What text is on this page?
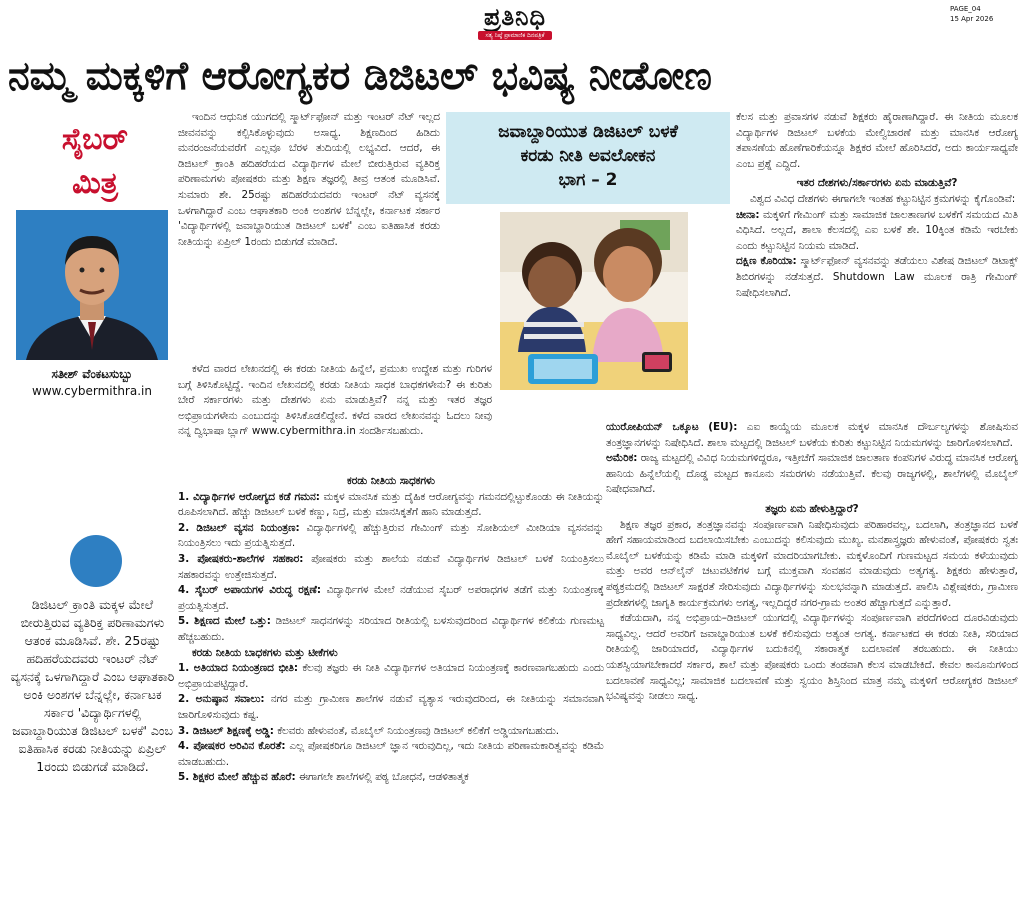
ಪ್ರತಿನಿಧಿ
ಸತ್ಯ ನಿಷ್ಠೆ ಪ್ರಾಮಾಣಿಕ ದಿನಪತ್ರಿಕೆ
PAGE_04
15 Apr 2026
ನಮ್ಮ ಮಕ್ಕಳಿಗೆ ಆರೋಗ್ಯಕರ ಡಿಜಿಟಲ್ ಭವಿಷ್ಯ ನೀಡೋಣ
ಸೈಬರ್
ಮಿತ್ರ
ಸತೀಶ್ ವೆಂಕಟಸುಬ್ಬು
www.cybermithra.in
ಡಿಜಿಟಲ್ ಕ್ರಾಂತಿ ಮಕ್ಕಳ ಮೇಲೆ ಬೀರುತ್ತಿರುವ ವ್ಯತಿರಿಕ್ತ ಪರಿಣಾಮಗಳು ಆತಂಕ ಮೂಡಿಸಿವೆ. ಶೇ. 25ರಷ್ಟು ಹದಿಹರೆಯದವರು ಇಂಟರ್ ನೆಟ್ ವ್ಯಸನಕ್ಕೆ ಒಳಗಾಗಿದ್ದಾರೆ ಎಂಬ ಆಘಾತಕಾರಿ ಅಂಕಿ ಅಂಶಗಳ ಬೆನ್ನಲ್ಲೇ, ಕರ್ನಾಟಕ ಸರ್ಕಾರ 'ವಿದ್ಯಾರ್ಥಿಗಳಲ್ಲಿ ಜವಾಬ್ದಾರಿಯುತ ಡಿಜಿಟಲ್ ಬಳಕೆ' ಎಂಬ ಐತಿಹಾಸಿಕ ಕರಡು ನೀತಿಯನ್ನು ಏಪ್ರಿಲ್ 1ರಂದು ಬಿಡುಗಡೆ ಮಾಡಿದೆ.

ಇಂದಿನ ಆಧುನಿಕ ಯುಗದಲ್ಲಿ ಸ್ಮಾರ್ಟ್‌ಫೋನ್ ಮತ್ತು ಇಂಟರ್ ನೆಟ್ ಇಲ್ಲದ ಜೀವನವನ್ನು ಕಲ್ಪಿಸಿಕೊಳ್ಳುವುದು ಅಸಾಧ್ಯ. ಶಿಕ್ಷಣದಿಂದ ಹಿಡಿದು ಮನರಂಜನೆಯವರೆಗೆ ಎಲ್ಲವೂ ಬೆರಳ ತುದಿಯಲ್ಲಿ ಲಭ್ಯವಿದೆ. ಆದರೆ, ಈ ಡಿಜಿಟಲ್ ಕ್ರಾಂತಿ ಹದಿಹರೆಯದ ವಿದ್ಯಾರ್ಥಿಗಳ ಮೇಲೆ ಬೀರುತ್ತಿರುವ ವ್ಯತಿರಿಕ್ತ ಪರಿಣಾಮಗಳು ಪೋಷಕರು ಮತ್ತು ಶಿಕ್ಷಣ ತಜ್ಞರಲ್ಲಿ ತೀವ್ರ ಆತಂಕ ಮೂಡಿಸಿವೆ. ಸುಮಾರು ಶೇ. 25ರಷ್ಟು ಹದಿಹರೆಯದವರು ಇಂಟರ್ ನೆಟ್ ವ್ಯಸನಕ್ಕೆ ಒಳಗಾಗಿದ್ದಾರೆ ಎಂಬ ಆಘಾತಕಾರಿ ಅಂಕಿ ಅಂಶಗಳ ಬೆನ್ನಲ್ಲೇ, ಕರ್ನಾಟಕ ಸರ್ಕಾರ 'ವಿದ್ಯಾರ್ಥಿಗಳಲ್ಲಿ ಜವಾಬ್ದಾರಿಯುತ ಡಿಜಿಟಲ್ ಬಳಕೆ' ಎಂಬ ಐತಿಹಾಸಿಕ ಕರಡು ನೀತಿಯನ್ನು ಏಪ್ರಿಲ್ 1ರಂದು ಬಿಡುಗಡೆ ಮಾಡಿದೆ.

ಜವಾಬ್ದಾರಿಯುತ ಡಿಜಿಟಲ್ ಬಳಕೆ
ಕರಡು ನೀತಿ ಅವಲೋಕನ
ಭಾಗ – 2

ಕೆಲಸ ಮತ್ತು ಪ್ರವಾಸಗಳ ನಡುವೆ ಶಿಕ್ಷಕರು ಹೈರಾಣಾಗಿದ್ದಾರೆ. ಈ ನೀತಿಯ ಮೂಲಕ ವಿದ್ಯಾರ್ಥಿಗಳ ಡಿಜಿಟಲ್ ಬಳಕೆಯ ಮೇಲ್ವಿಚಾರಣೆ ಮತ್ತು ಮಾನಸಿಕ ಆರೋಗ್ಯ ತಪಾಸಣೆಯ ಹೊಣೆಗಾರಿಕೆಯನ್ನೂ ಶಿಕ್ಷಕರ ಮೇಲೆ ಹೊರಿಸಿದರೆ, ಅದು ಕಾರ್ಯಸಾಧ್ಯವೇ ಎಂಬ ಪ್ರಶ್ನೆ ಎದ್ದಿದೆ.

ಇತರ ದೇಶಗಳು/ಸರ್ಕಾರಗಳು ಏನು ಮಾಡುತ್ತಿವೆ?

ವಿಶ್ವದ ವಿವಿಧ ದೇಶಗಳು ಈಗಾಗಲೇ ಇಂತಹ ಕಟ್ಟುನಿಟ್ಟಿನ ಕ್ರಮಗಳನ್ನು ಕೈಗೊಂಡಿವೆ:

ಚೀನಾ: ಮಕ್ಕಳಿಗೆ ಗೇಮಿಂಗ್ ಮತ್ತು ಸಾಮಾಜಿಕ ಜಾಲತಾಣಗಳ ಬಳಕೆಗೆ ಸಮಯದ ಮಿತಿ ವಿಧಿಸಿದೆ. ಅಲ್ಲದೆ, ಶಾಲಾ ಕೆಲಸದಲ್ಲಿ ಎಐ ಬಳಕೆ ಶೇ. 10ಕ್ಕಿಂತ ಕಡಿಮೆ ಇರಬೇಕು ಎಂದು ಕಟ್ಟುನಿಟ್ಟಿನ ನಿಯಮ ಮಾಡಿದೆ.

ದಕ್ಷಿಣ ಕೊರಿಯಾ: ಸ್ಮಾರ್ಟ್‌ಫೋನ್ ವ್ಯಸನವನ್ನು ತಡೆಯಲು ವಿಶೇಷ ಡಿಜಿಟಲ್ ಡಿಟಾಕ್ಸ್ ಶಿಬಿರಗಳನ್ನು ನಡೆಸುತ್ತದೆ. Shutdown Law ಮೂಲಕ ರಾತ್ರಿ ಗೇಮಿಂಗ್ ನಿಷೇಧಿಸಲಾಗಿದೆ.

ಕಳೆದ ವಾರದ ಲೇಖನದಲ್ಲಿ ಈ ಕರಡು ನೀತಿಯ ಹಿನ್ನೆಲೆ, ಪ್ರಮುಖ ಉದ್ದೇಶ ಮತ್ತು ಗುರಿಗಳ ಬಗ್ಗೆ ತಿಳಿಸಿಕೊಟ್ಟಿದ್ದೆ. ಇಂದಿನ ಲೇಖನದಲ್ಲಿ ಕರಡು ನೀತಿಯ ಸಾಧಕ ಬಾಧಕಗಳೇನು? ಈ ಕುರಿತು ಬೇರೆ ಸರ್ಕಾರಗಳು ಮತ್ತು ದೇಶಗಳು ಏನು ಮಾಡುತ್ತಿವೆ? ನನ್ನ ಮತ್ತು ಇತರ ತಜ್ಞರ ಅಭಿಪ್ರಾಯಗಳೇನು ಎಂಬುದನ್ನು ತಿಳಿಸಿಕೊಡಲಿದ್ದೇನೆ. ಕಳೆದ ವಾರದ ಲೇಖನವನ್ನು ಓದಲು ನೀವು ನನ್ನ ದ್ವಿಭಾಷಾ ಬ್ಲಾಗ್ www.cybermithra.in ಸಂದರ್ಶಿಸಬಹುದು.

ಕರಡು ನೀತಿಯ ಸಾಧಕಗಳು

1. ವಿದ್ಯಾರ್ಥಿಗಳ ಆರೋಗ್ಯದ ಕಡೆ ಗಮನ: ಮಕ್ಕಳ ಮಾನಸಿಕ ಮತ್ತು ದೈಹಿಕ ಆರೋಗ್ಯವನ್ನು ಗಮನದಲ್ಲಿಟ್ಟುಕೊಂಡು ಈ ನೀತಿಯನ್ನು ರೂಪಿಸಲಾಗಿದೆ. ಹೆಚ್ಚು ಡಿಜಿಟಲ್ ಬಳಕೆ ಕಣ್ಣು, ನಿದ್ರೆ, ಮತ್ತು ಮಾನಸಿಕ್ಕತೆಗೆ ಹಾನಿ ಮಾಡುತ್ತದೆ.

2. ಡಿಜಿಟಲ್ ವ್ಯಸನ ನಿಯಂತ್ರಣ: ವಿದ್ಯಾರ್ಥಿಗಳಲ್ಲಿ ಹೆಚ್ಚುತ್ತಿರುವ ಗೇಮಿಂಗ್ ಮತ್ತು ಸೋಶಿಯಲ್ ಮೀಡಿಯಾ ವ್ಯಸನವನ್ನು ನಿಯಂತ್ರಿಸಲು ಇದು ಪ್ರಯತ್ನಿಸುತ್ತದೆ.

3. ಪೋಷಕರು-ಶಾಲೆಗಳ ಸಹಕಾರ: ಪೋಷಕರು ಮತ್ತು ಶಾಲೆಯ ನಡುವೆ ವಿದ್ಯಾರ್ಥಿಗಳ ಡಿಜಿಟಲ್ ಬಳಕೆ ನಿಯಂತ್ರಿಸಲು ಸಹಕಾರವನ್ನು ಉತ್ತೇಜಿಸುತ್ತದೆ.

4. ಸೈಬರ್ ಅಪಾಯಗಳ ವಿರುದ್ಧ ರಕ್ಷಣೆ: ವಿದ್ಯಾರ್ಥಿಗಳ ಮೇಲೆ ನಡೆಯುವ ಸೈಬರ್ ಅಪರಾಧಗಳ ತಡೆಗೆ ಮತ್ತು ನಿಯಂತ್ರಣಕ್ಕೆ ಪ್ರಯತ್ನಿಸುತ್ತದೆ.

5. ಶಿಕ್ಷಣದ ಮೇಲೆ ಒತ್ತು: ಡಿಜಿಟಲ್ ಸಾಧನಗಳನ್ನು ಸರಿಯಾದ ರೀತಿಯಲ್ಲಿ ಬಳಸುವುದರಿಂದ ವಿದ್ಯಾರ್ಥಿಗಳ ಕಲಿಕೆಯ ಗುಣಮಟ್ಟ ಹೆಚ್ಚಬಹುದು.

ಕರಡು ನೀತಿಯ ಬಾಧಕಗಳು ಮತ್ತು ಟೀಕೆಗಳು

1. ಅತಿಯಾದ ನಿಯಂತ್ರಣದ ಭೀತಿ: ಕೆಲವು ತಜ್ಞರು ಈ ನೀತಿ ವಿದ್ಯಾರ್ಥಿಗಳ ಅತಿಯಾದ ನಿಯಂತ್ರಣಕ್ಕೆ ಕಾರಣವಾಗಬಹುದು ಎಂದು ಅಭಿಪ್ರಾಯಪಟ್ಟಿದ್ದಾರೆ.

2. ಅನುಷ್ಠಾನ ಸವಾಲು: ನಗರ ಮತ್ತು ಗ್ರಾಮೀಣ ಶಾಲೆಗಳ ನಡುವೆ ವ್ಯತ್ಯಾಸ ಇರುವುದರಿಂದ, ಈ ನೀತಿಯನ್ನು ಸಮಾನವಾಗಿ ಜಾರಿಗೊಳಿಸುವುದು ಕಷ್ಟ.

3. ಡಿಜಿಟಲ್ ಶಿಕ್ಷಣಕ್ಕೆ ಅಡ್ಡಿ: ಕೆಲವರು ಹೇಳುವಂತೆ, ಮೊಬೈಲ್ ನಿಯಂತ್ರಣವು ಡಿಜಿಟಲ್ ಕಲಿಕೆಗೆ ಅಡ್ಡಿಯಾಗಬಹುದು.

4. ಪೋಷಕರ ಅರಿವಿನ ಕೊರತೆ: ಎಲ್ಲ ಪೋಷಕರಿಗೂ ಡಿಜಿಟಲ್ ಜ್ಞಾನ ಇರುವುದಿಲ್ಲ, ಇದು ನೀತಿಯ ಪರಿಣಾಮಕಾರಿತ್ವವನ್ನು ಕಡಿಮೆ ಮಾಡಬಹುದು.

5. ಶಿಕ್ಷಕರ ಮೇಲೆ ಹೆಚ್ಚುವ ಹೊರೆ: ಈಗಾಗಲೇ ಶಾಲೆಗಳಲ್ಲಿ ಪಠ್ಯ ಬೋಧನೆ, ಆಡಳಿತಾತ್ಮಕ

ಯುರೋಪಿಯನ್ ಒಕ್ಕೂಟ (EU): ಎಐ ಕಾಯ್ದೆಯ ಮೂಲಕ ಮಕ್ಕಳ ಮಾನಸಿಕ ದೌರ್ಬಲ್ಯಗಳನ್ನು ಶೋಷಿಸುವ ತಂತ್ರಜ್ಞಾನಗಳನ್ನು ನಿಷೇಧಿಸಿದೆ. ಶಾಲಾ ಮಟ್ಟದಲ್ಲಿ ಡಿಜಿಟಲ್ ಬಳಕೆಯ ಕುರಿತು ಕಟ್ಟುನಿಟ್ಟಿನ ನಿಯಮಗಳನ್ನು ಜಾರಿಗೊಳಿಸಲಾಗಿದೆ.

ಅಮೆರಿಕ: ರಾಜ್ಯ ಮಟ್ಟದಲ್ಲಿ ವಿವಿಧ ನಿಯಮಗಳಿದ್ದರೂ, ಇತ್ತೀಚೆಗೆ ಸಾಮಾಜಿಕ ಜಾಲತಾಣ ಕಂಪನಿಗಳ ವಿರುದ್ಧ ಮಾನಸಿಕ ಆರೋಗ್ಯ ಹಾನಿಯ ಹಿನ್ನೆಲೆಯಲ್ಲಿ ದೊಡ್ಡ ಮಟ್ಟದ ಕಾನೂನು ಸಮರಗಳು ನಡೆಯುತ್ತಿವೆ. ಕೆಲವು ರಾಜ್ಯಗಳಲ್ಲಿ, ಶಾಲೆಗಳಲ್ಲಿ ಮೊಬೈಲ್ ನಿಷೇಧವಾಗಿದೆ.

ತಜ್ಞರು ಏನು ಹೇಳುತ್ತಿದ್ದಾರೆ?

ಶಿಕ್ಷಣ ತಜ್ಞರ ಪ್ರಕಾರ, ತಂತ್ರಜ್ಞಾನವನ್ನು ಸಂಪೂರ್ಣವಾಗಿ ನಿಷೇಧಿಸುವುದು ಪರಿಹಾರವಲ್ಲ, ಬದಲಾಗಿ, ತಂತ್ರಜ್ಞಾನದ ಬಳಕೆ ಹೇಗೆ ಸಹಾಯಮಾಡಿಂದ ಬದಲಾಯಿಸಬೇಕು ಎಂಬುದನ್ನು ಕಲಿಸುವುದು ಮುಖ್ಯ. ಮನಶಾಸ್ತ್ರಜ್ಞರು ಹೇಳುವಂತೆ, ಪೋಷಕರು ಸ್ವತಃ ಮೊಬೈಲ್ ಬಳಕೆಯನ್ನು ಕಡಿಮೆ ಮಾಡಿ ಮಕ್ಕಳಿಗೆ ಮಾದರಿಯಾಗಬೇಕು. ಮಕ್ಕಳೊಂದಿಗೆ ಗುಣಮಟ್ಟದ ಸಮಯ ಕಳೆಯುವುದು ಮತ್ತು ಅವರ ಆನ್‌ಲೈನ್ ಚಟುವಟಿಕೆಗಳ ಬಗ್ಗೆ ಮುಕ್ತವಾಗಿ ಸಂವಹನ ಮಾಡುವುದು ಅತ್ಯಗತ್ಯ. ಶಿಕ್ಷಕರು ಹೇಳುತ್ತಾರೆ, ಪಠ್ಯಕ್ರಮದಲ್ಲಿ ಡಿಜಿಟಲ್ ಸಾಕ್ಷರತೆ ಸೇರಿಸುವುದು ವಿದ್ಯಾರ್ಥಿಗಳನ್ನು ಸುಲಭವನ್ನಾಗಿ ಮಾಡುತ್ತದೆ. ಪಾಲಿಸಿ ವಿಶ್ಲೇಷಕರು, ಗ್ರಾಮೀಣ ಪ್ರದೇಶಗಳಲ್ಲಿ ಜಾಗೃತಿ ಕಾರ್ಯಕ್ರಮಗಳು ಅಗತ್ಯ, ಇಲ್ಲದಿದ್ದರೆ ನಗರ-ಗ್ರಾಮ ಅಂತರ ಹೆಚ್ಚಾಗುತ್ತದೆ ಎನ್ನುತ್ತಾರೆ.

ಕಡೆಯದಾಗಿ, ನನ್ನ ಅಭಿಪ್ರಾಯ–ಡಿಜಿಟಲ್ ಯುಗದಲ್ಲಿ ವಿದ್ಯಾರ್ಥಿಗಳನ್ನು ಸಂಪೂರ್ಣವಾಗಿ ಪರದೆಗಳಿಂದ ದೂರವಿಡುವುದು ಸಾಧ್ಯವಿಲ್ಲ. ಆದರೆ ಅವರಿಗೆ ಜವಾಬ್ದಾರಿಯುತ ಬಳಕೆ ಕಲಿಸುವುದು ಅತ್ಯಂತ ಅಗತ್ಯ. ಕರ್ನಾಟಕದ ಈ ಕರಡು ನೀತಿ, ಸರಿಯಾದ ರೀತಿಯಲ್ಲಿ ಜಾರಿಯಾದರೆ, ವಿದ್ಯಾರ್ಥಿಗಳ ಬದುಕಿನಲ್ಲಿ ಸಕಾರಾತ್ಮಕ ಬದಲಾವಣೆ ತರಬಹುದು. ಈ ನೀತಿಯು ಯಶಸ್ವಿಯಾಗಬೇಕಾದರೆ ಸರ್ಕಾರ, ಶಾಲೆ ಮತ್ತು ಪೋಷಕರು ಒಂದು ತಂಡವಾಗಿ ಕೆಲಸ ಮಾಡಬೇಕಿದೆ. ಕೇವಲ ಕಾನೂನುಗಳಿಂದ ಬದಲಾವಣೆ ಸಾಧ್ಯವಿಲ್ಲ; ಸಾಮಾಜಿಕ ಬದಲಾವಣೆ ಮತ್ತು ಸ್ವಯಂ ಶಿಸ್ತಿನಿಂದ ಮಾತ್ರ ನಮ್ಮ ಮಕ್ಕಳಿಗೆ ಆರೋಗ್ಯಕರ ಡಿಜಿಟಲ್ ಭವಿಷ್ಯವನ್ನು ನೀಡಲು ಸಾಧ್ಯ.
